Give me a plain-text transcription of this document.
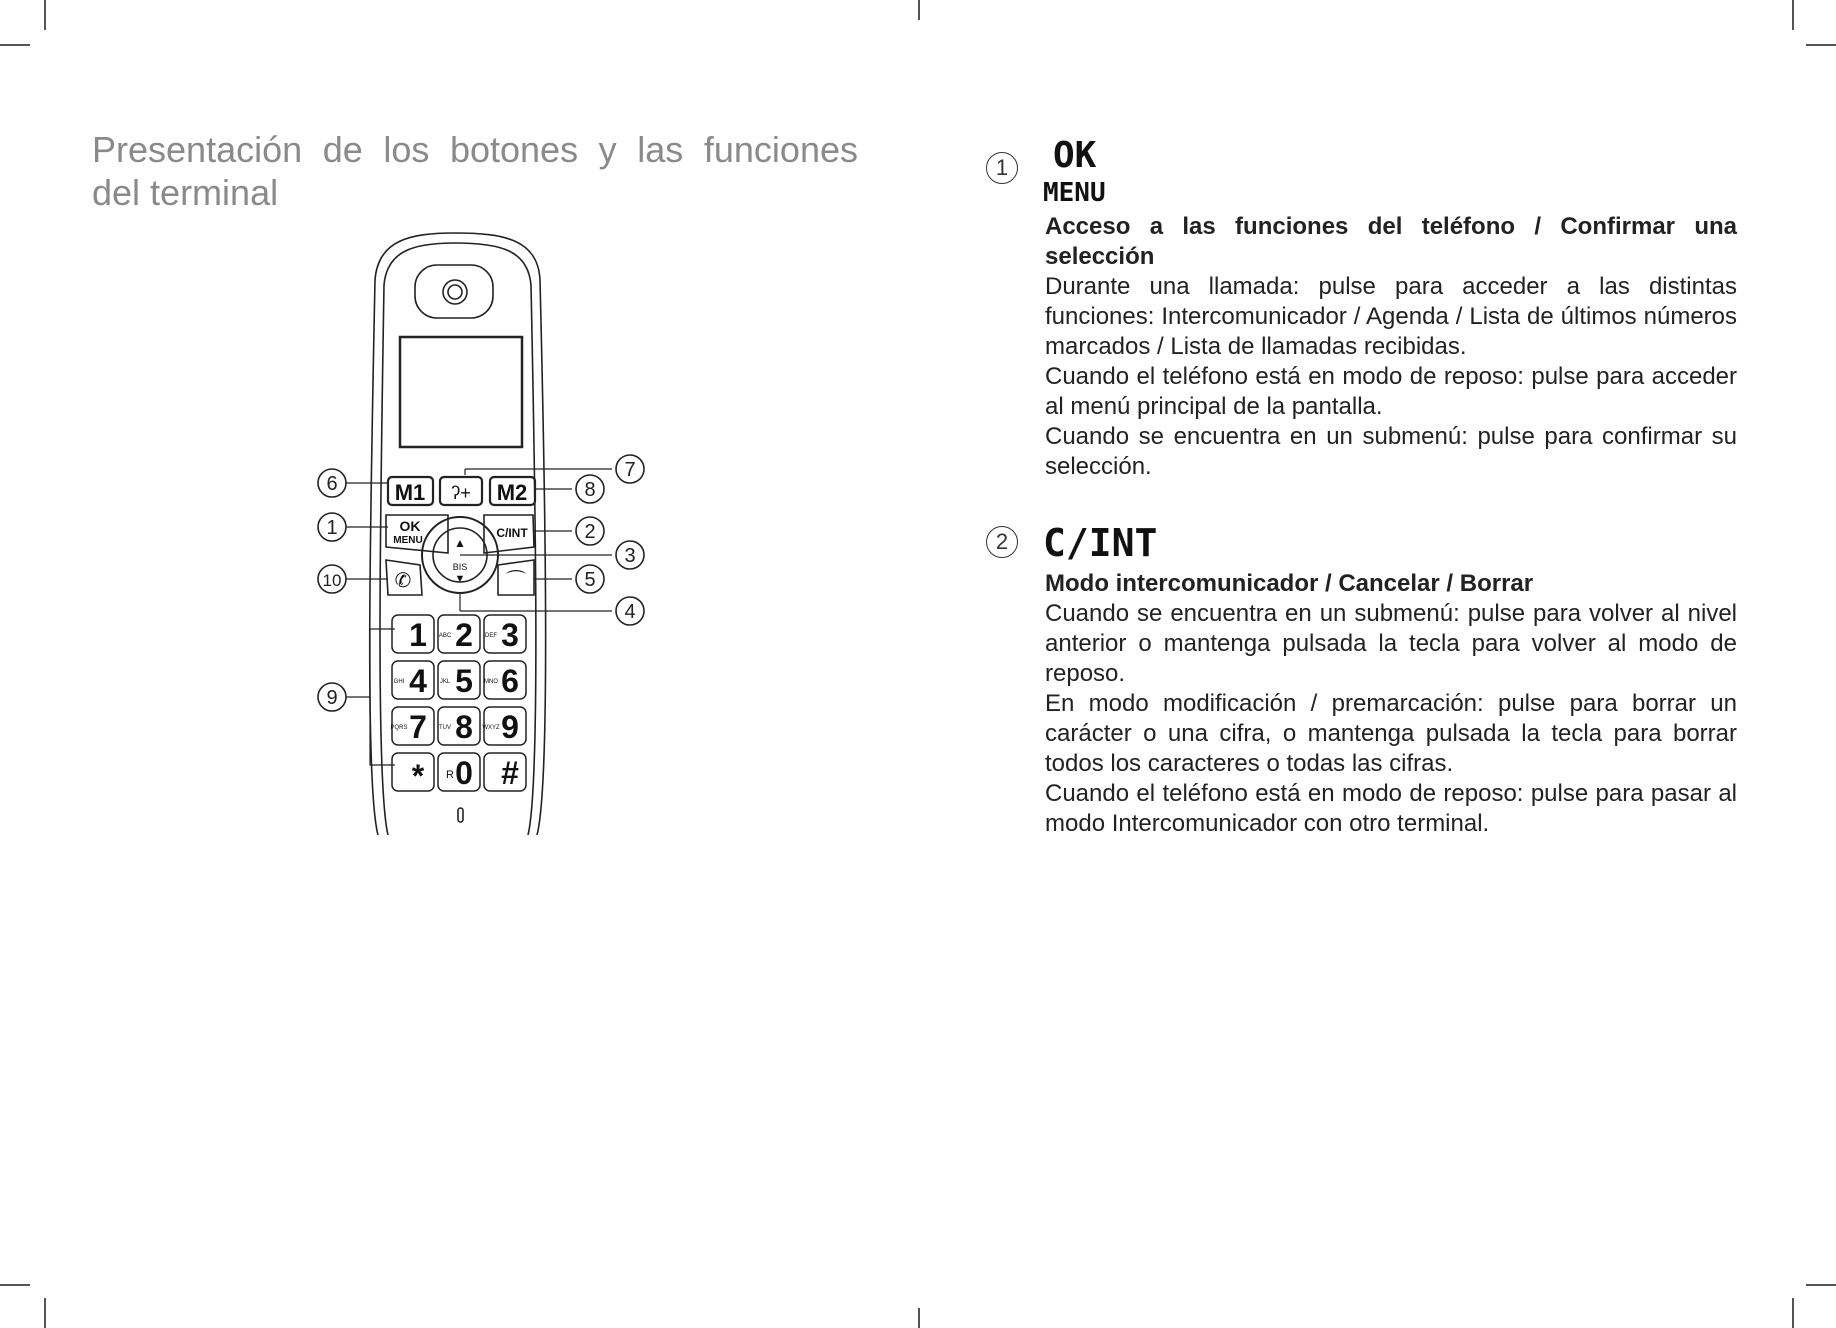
Presentación de los botones y las funciones
del terminal
M1 ʔ+ M2
OK
MENU
C/INT
▲
BIS
▼
✆	⌒
1 2 3
4 5 6
7 8 9
* 0 #
ABC	DEF
GHI	JKL	MNO
PQRS	TUV	WXYZ
R
6
1
10
9
7
8
2
3
5
4
1 OK
MENU

Acceso a las funciones del teléfono / Confirmar una selección

Durante una llamada: pulse para acceder a las distintas funciones: Intercomunicador / Agenda / Lista de últimos números marcados / Lista de llamadas recibidas.

Cuando el teléfono está en modo de reposo: pulse para acceder al menú principal de la pantalla.

Cuando se encuentra en un submenú: pulse para confirmar su selección.

2 C/INT

Modo intercomunicador / Cancelar / Borrar

Cuando se encuentra en un submenú: pulse para volver al nivel anterior o mantenga pulsada la tecla para volver al modo de reposo.

En modo modificación / premarcación: pulse para borrar un carácter o una cifra, o mantenga pulsada la tecla para borrar todos los caracteres o todas las cifras.

Cuando el teléfono está en modo de reposo: pulse para pasar al modo Intercomunicador con otro terminal.
